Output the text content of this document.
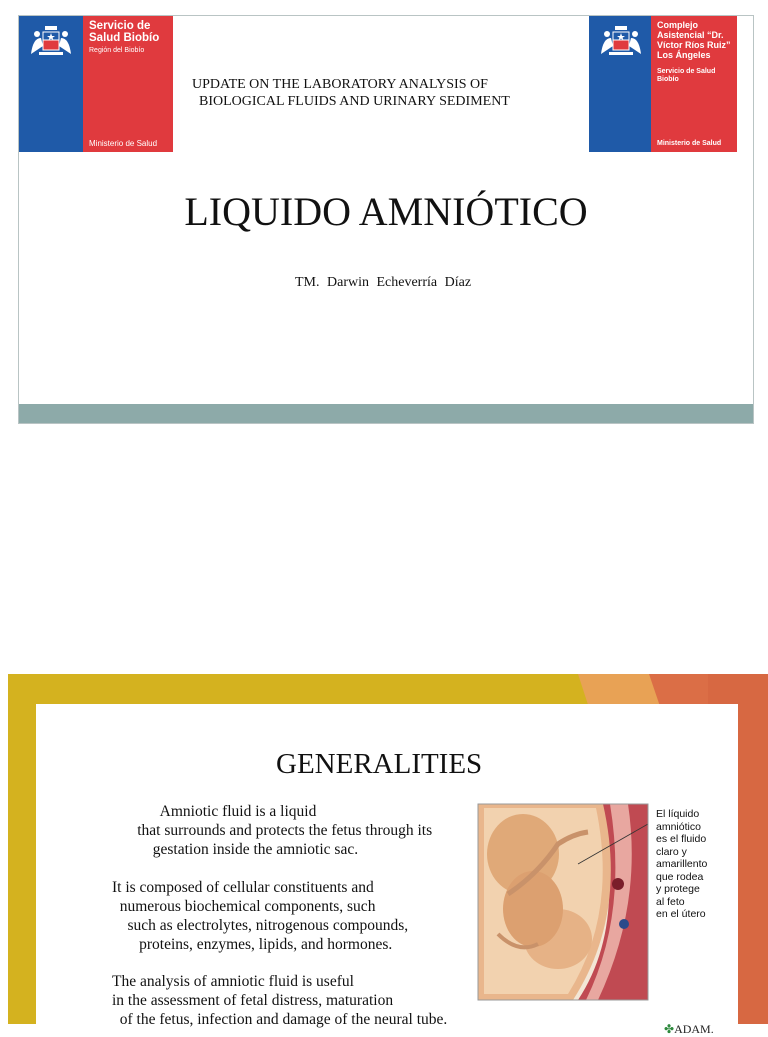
Servicio de Salud Biobío
Región del Biobío
Ministerio de Salud
Complejo Asistencial “Dr. Víctor Ríos Ruiz” Los Ángeles
Servicio de Salud Biobío
Ministerio de Salud
UPDATE ON THE LABORATORY ANALYSIS OF
BIOLOGICAL FLUIDS AND URINARY SEDIMENT
LIQUIDO AMNIÓTICO
TM. Darwin Echeverría Díaz
GENERALITIES
Amniotic fluid is a liquid
that surrounds and protects the fetus through its
gestation inside the amniotic sac.
It is composed of cellular constituents and
numerous biochemical components, such
such as electrolytes, nitrogenous compounds,
proteins, enzymes, lipids, and hormones.
The analysis of amniotic fluid is useful
in the assessment of fetal distress, maturation
of the fetus, infection and damage of the neural tube.
El líquido
amniótico
es el fluido
claro y
amarillento
que rodea
y protege
al feto
en el útero
✤ADAM.
